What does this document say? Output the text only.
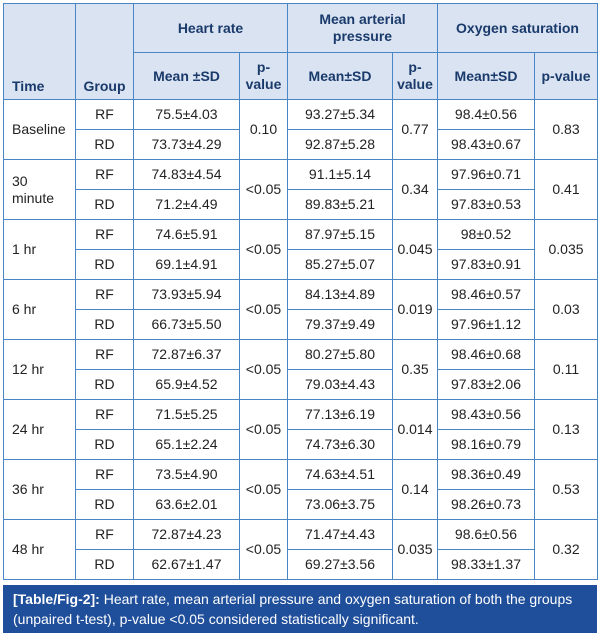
Time	Group	Heart rate		Mean arterial pressure		Oxygen saturation	
		Mean ±SD	p-value	Mean±SD	p-value	Mean±SD	p-value
Baseline	RF	75.5±4.03	0.10	93.27±5.34	0.77	98.4±0.56	0.83
	RD	73.73±4.29		92.87±5.28		98.43±0.67	
30 minute	RF	74.83±4.54	<0.05	91.1±5.14	0.34	97.96±0.71	0.41
	RD	71.2±4.49		89.83±5.21		97.83±0.53	
1 hr	RF	74.6±5.91	<0.05	87.97±5.15	0.045	98±0.52	0.035
	RD	69.1±4.91		85.27±5.07		97.83±0.91	
6 hr	RF	73.93±5.94	<0.05	84.13±4.89	0.019	98.46±0.57	0.03
	RD	66.73±5.50		79.37±9.49		97.96±1.12	
12 hr	RF	72.87±6.37	<0.05	80.27±5.80	0.35	98.46±0.68	0.11
	RD	65.9±4.52		79.03±4.43		97.83±2.06	
24 hr	RF	71.5±5.25	<0.05	77.13±6.19	0.014	98.43±0.56	0.13
	RD	65.1±2.24		74.73±6.30		98.16±0.79	
36 hr	RF	73.5±4.90	<0.05	74.63±4.51	0.14	98.36±0.49	0.53
	RD	63.6±2.01		73.06±3.75		98.26±0.73	
48 hr	RF	72.87±4.23	<0.05	71.47±4.43	0.035	98.6±0.56	0.32
	RD	62.67±1.47		69.27±3.56		98.33±1.37	
[Table/Fig-2]: Heart rate, mean arterial pressure and oxygen saturation of both the groups (unpaired t-test), p-value <0.05 considered statistically significant.
